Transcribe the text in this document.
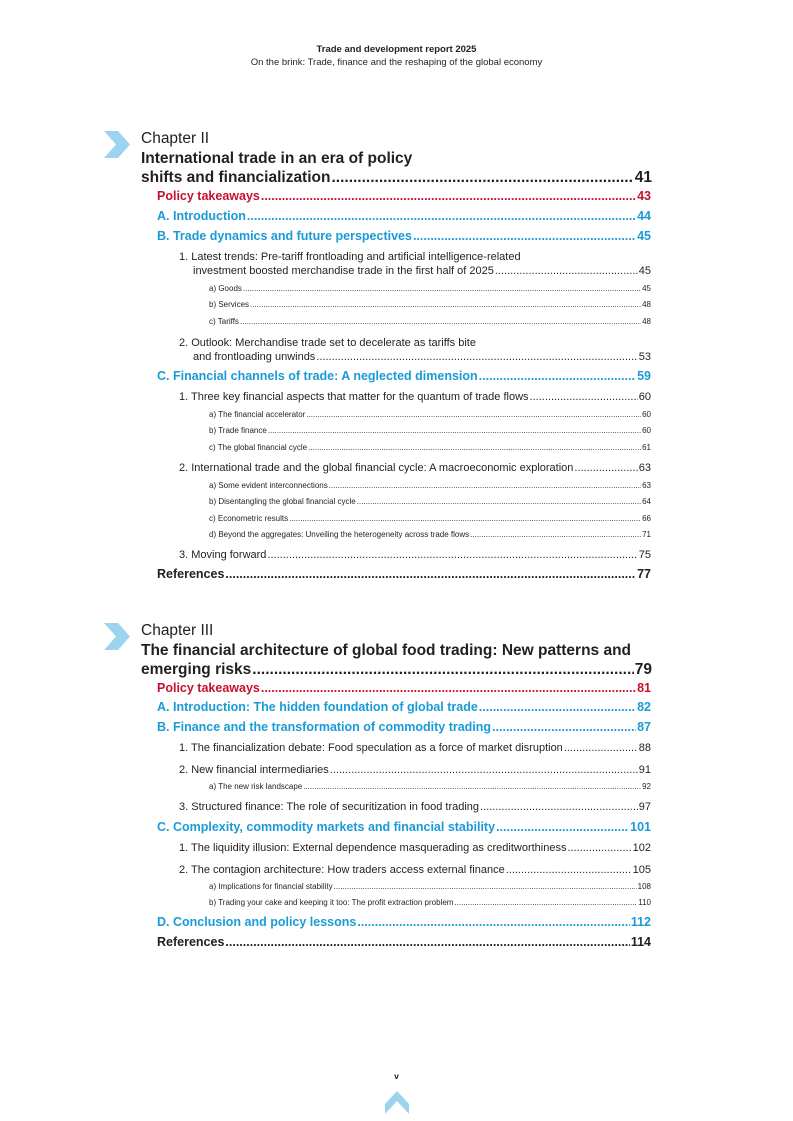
Trade and development report 2025
On the brink: Trade, finance and the reshaping of the global economy
Chapter II
International trade in an era of policy
shifts and financialization .....	41
Policy takeaways .....	43
A. Introduction .....	44
B. Trade dynamics and future perspectives .....	45
1. Latest trends: Pre-tariff frontloading and artificial intelligence-related
investment boosted merchandise trade in the first half of 2025 .....	45
a) Goods .....	45
b) Services .....	48
c) Tariffs .....	48
2. Outlook: Merchandise trade set to decelerate as tariffs bite
and frontloading unwinds .....	53
C. Financial channels of trade: A neglected dimension .....	59
1. Three key financial aspects that matter for the quantum of trade flows .....	60
a) The financial accelerator .....	60
b) Trade finance .....	60
c) The global financial cycle .....	61
2. International trade and the global financial cycle: A macroeconomic exploration .....	63
a) Some evident interconnections .....	63
b) Disentangling the global financial cycle .....	64
c) Econometric results .....	66
d) Beyond the aggregates: Unveiling the heterogeneity across trade flows .....	71
3. Moving forward .....	75
References .....	77
Chapter III
The financial architecture of global food trading: New patterns and
emerging risks .....	79
Policy takeaways .....	81
A. Introduction: The hidden foundation of global trade .....	82
B. Finance and the transformation of commodity trading .....	87
1. The financialization debate: Food speculation as a force of market disruption .....	88
2. New financial intermediaries .....	91
a) The new risk landscape .....	92
3. Structured finance: The role of securitization in food trading .....	97
C. Complexity, commodity markets and financial stability .....	101
1. The liquidity illusion: External dependence masquerading as creditworthiness .....	102
2. The contagion architecture: How traders access external finance .....	105
a) Implications for financial stability .....	108
b) Trading your cake and keeping it too: The profit extraction problem .....	110
D. Conclusion and policy lessons .....	112
References .....	114
v
